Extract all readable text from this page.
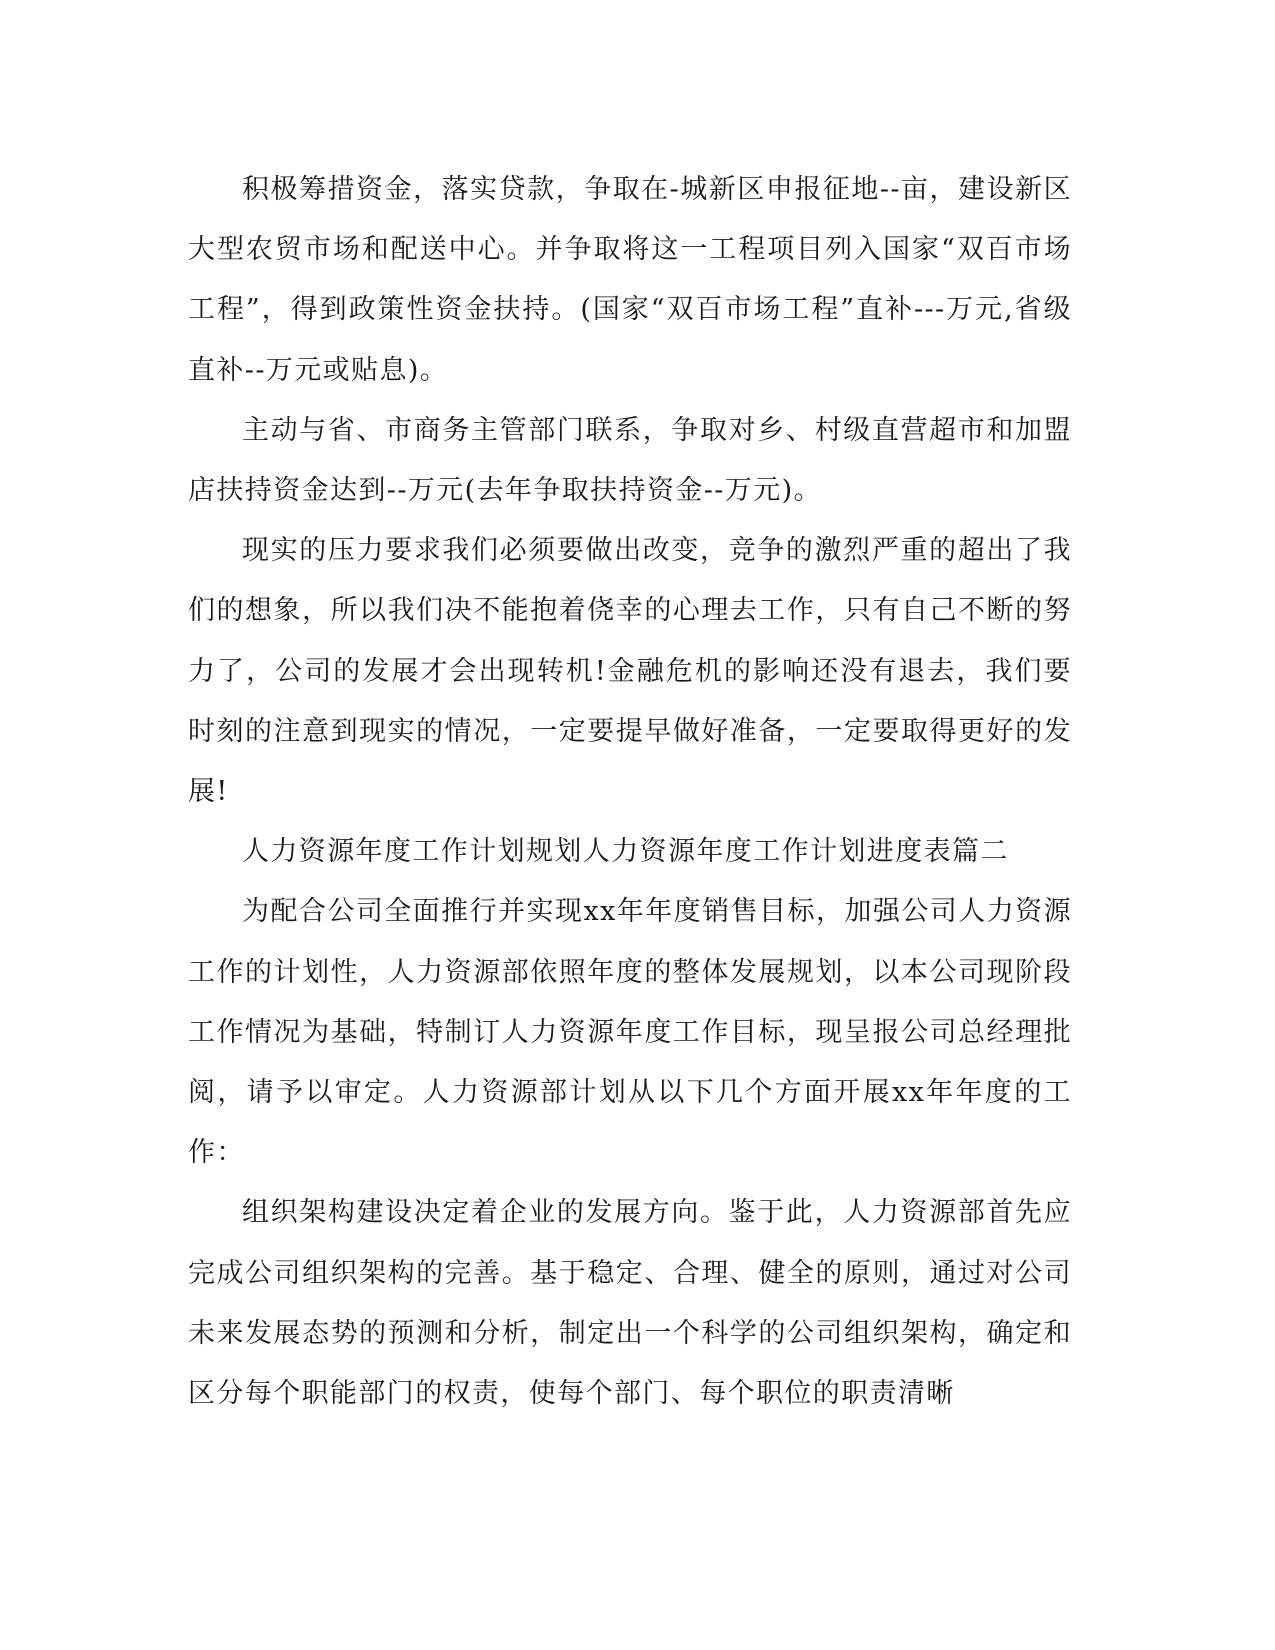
积极筹措资金，落实贷款，争取在-城新区申报征地--亩，建设新区大型农贸市场和配送中心。并争取将这一工程项目列入国家“双百市场工程”，得到政策性资金扶持。(国家“双百市场工程”直补---万元,省级直补--万元或贴息)。

主动与省、市商务主管部门联系，争取对乡、村级直营超市和加盟店扶持资金达到--万元(去年争取扶持资金--万元)。

现实的压力要求我们必须要做出改变，竞争的激烈严重的超出了我们的想象，所以我们决不能抱着侥幸的心理去工作，只有自己不断的努力了，公司的发展才会出现转机!金融危机的影响还没有退去，我们要时刻的注意到现实的情况，一定要提早做好准备，一定要取得更好的发展!

人力资源年度工作计划规划人力资源年度工作计划进度表篇二

为配合公司全面推行并实现xx年年度销售目标，加强公司人力资源工作的计划性，人力资源部依照年度的整体发展规划，以本公司现阶段工作情况为基础，特制订人力资源年度工作目标，现呈报公司总经理批阅，请予以审定。人力资源部计划从以下几个方面开展xx年年度的工作：

组织架构建设决定着企业的发展方向。鉴于此，人力资源部首先应完成公司组织架构的完善。基于稳定、合理、健全的原则，通过对公司未来发展态势的预测和分析，制定出一个科学的公司组织架构，确定和区分每个职能部门的权责，使每个部门、每个职位的职责清晰
